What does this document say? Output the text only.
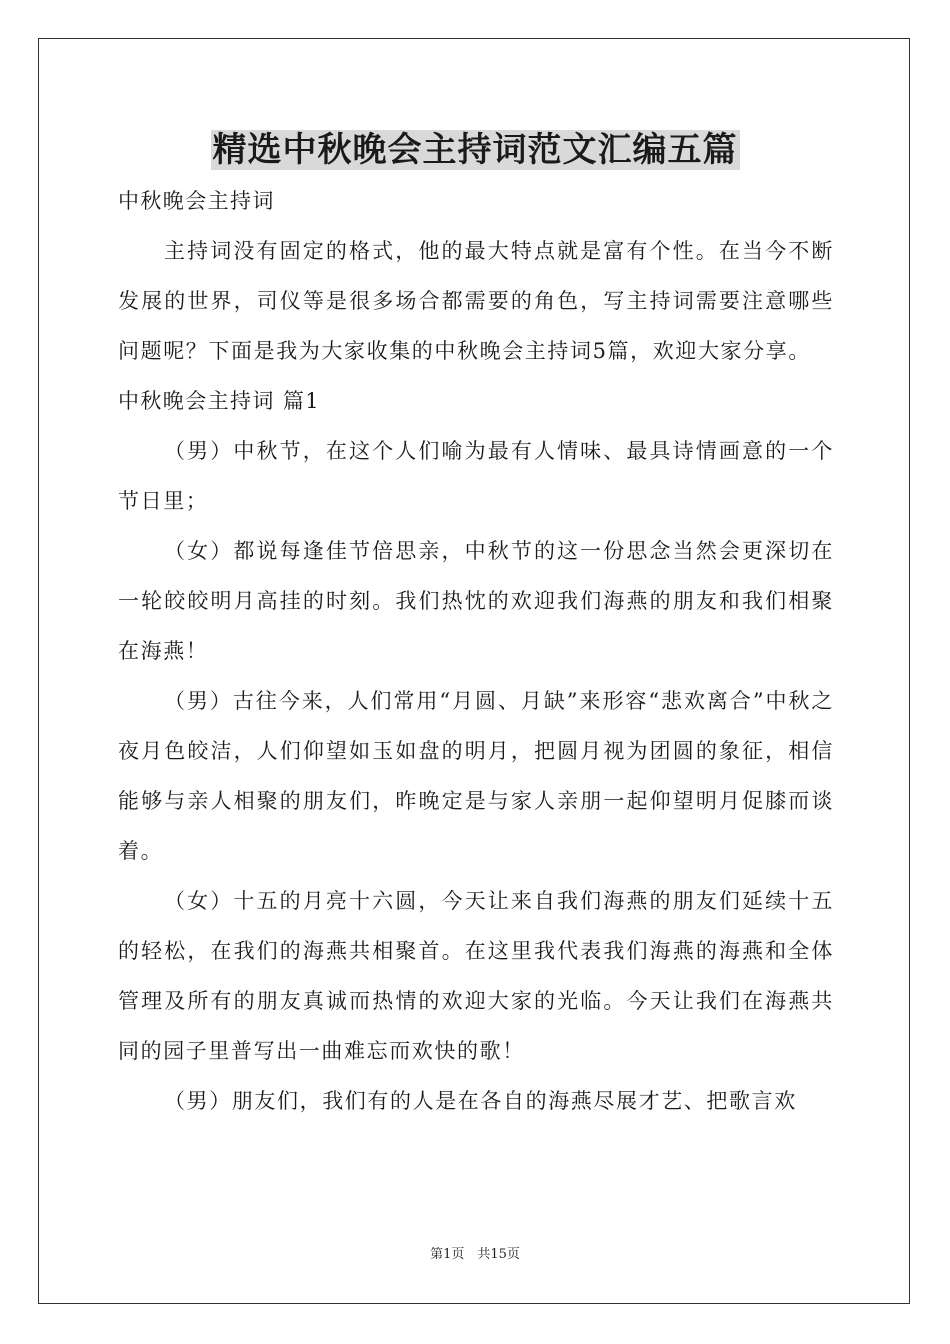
精选中秋晚会主持词范文汇编五篇

中秋晚会主持词

主持词没有固定的格式，他的最大特点就是富有个性。在当今不断发展的世界，司仪等是很多场合都需要的角色，写主持词需要注意哪些问题呢？下面是我为大家收集的中秋晚会主持词5篇，欢迎大家分享。

中秋晚会主持词 篇1

（男）中秋节，在这个人们喻为最有人情味、最具诗情画意的一个节日里；

（女）都说每逢佳节倍思亲，中秋节的这一份思念当然会更深切在一轮皎皎明月高挂的时刻。我们热忱的欢迎我们海燕的朋友和我们相聚在海燕！

（男）古往今来，人们常用“月圆、月缺”来形容“悲欢离合”中秋之夜月色皎洁，人们仰望如玉如盘的明月，把圆月视为团圆的象征，相信能够与亲人相聚的朋友们，昨晚定是与家人亲朋一起仰望明月促膝而谈着。

（女）十五的月亮十六圆，今天让来自我们海燕的朋友们延续十五的轻松，在我们的海燕共相聚首。在这里我代表我们海燕的海燕和全体管理及所有的朋友真诚而热情的欢迎大家的光临。今天让我们在海燕共同的园子里普写出一曲难忘而欢快的歌！

（男）朋友们，我们有的人是在各自的海燕尽展才艺、把歌言欢

第1页　共15页
